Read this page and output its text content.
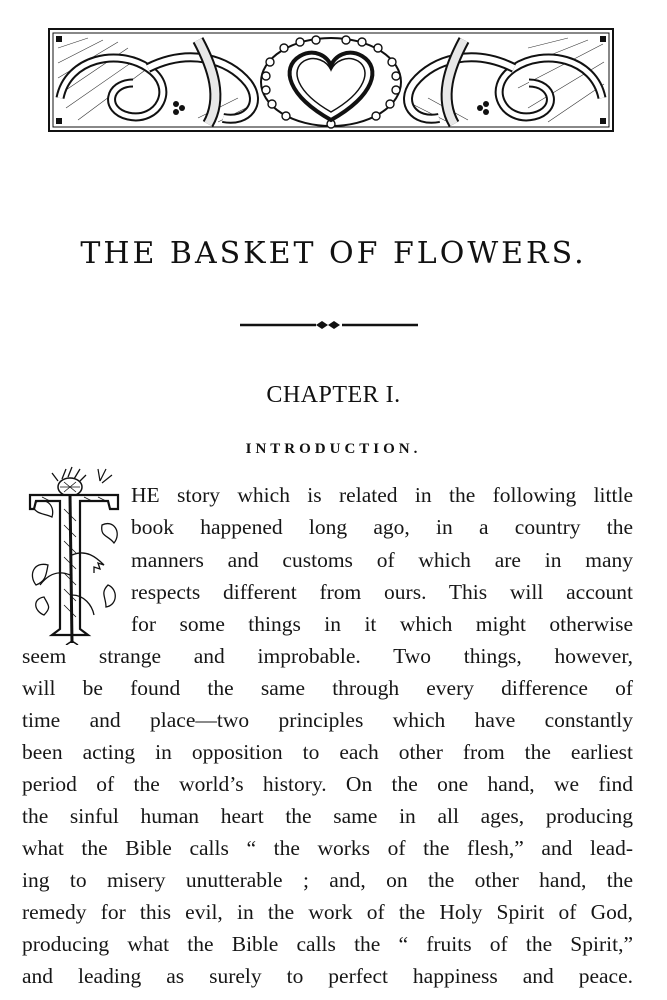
THE BASKET OF FLOWERS.
CHAPTER I.
INTRODUCTION.
HE story which is related in the following little
book happened long ago, in a country the
manners and customs of which are in many
respects different from ours. This will account
for some things in it which might otherwise
seem strange and improbable. Two things, however,
will be found the same through every difference of
time and place—two principles which have constantly
been acting in opposition to each other from the earliest
period of the world’s history. On the one hand, we find
the sinful human heart the same in all ages, producing
what the Bible calls “ the works of the flesh,” and lead-
ing to misery unutterable ; and, on the other hand, the
remedy for this evil, in the work of the Holy Spirit of God,
producing what the Bible calls the “ fruits of the Spirit,”
and leading as surely to perfect happiness and peace.
